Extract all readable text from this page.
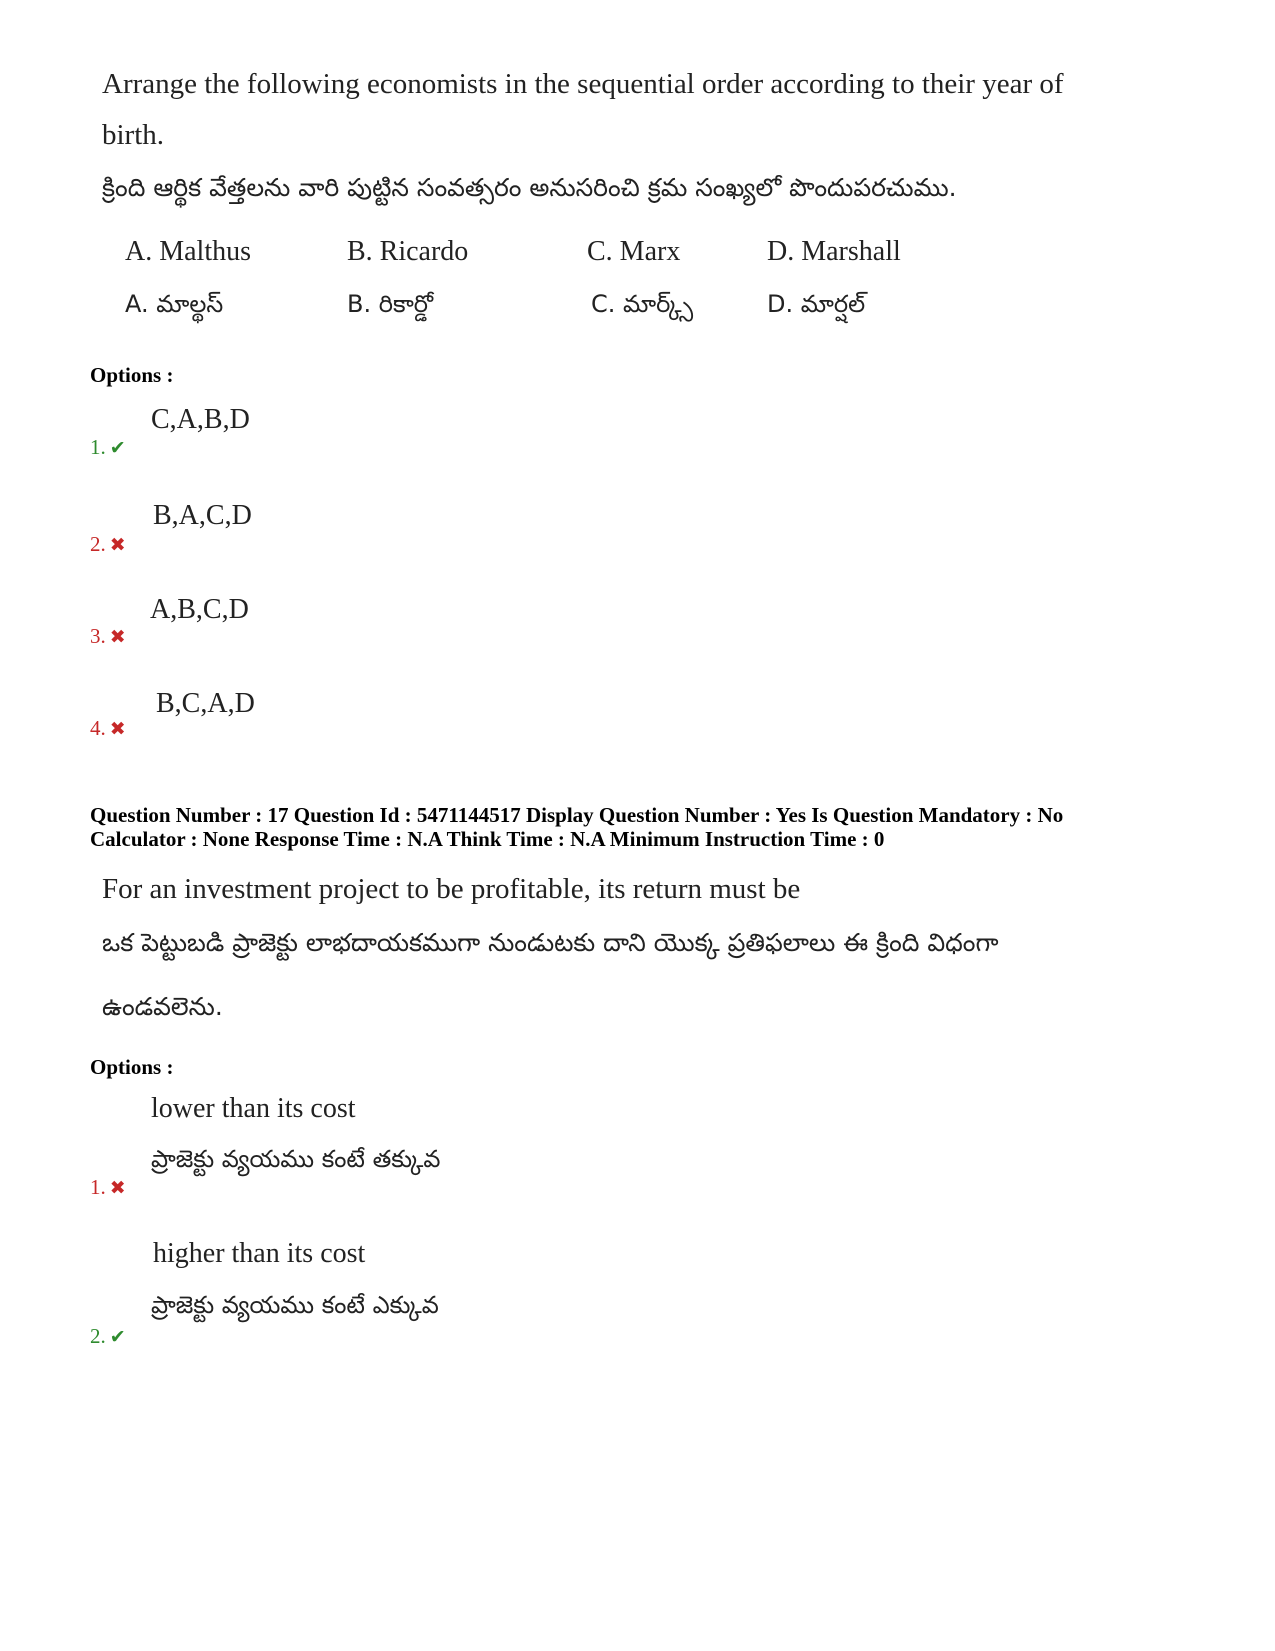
Arrange the following economists in the sequential order according to their year of
birth.
క్రింది ఆర్థిక వేత్తలను వారి పుట్టిన సంవత్సరం అనుసరించి క్రమ సంఖ్యలో పొందుపరచుము.
A. Malthus	B. Ricardo	C. Marx	D. Marshall
A. మాల్థస్	B. రికార్డో	C. మార్క్స్	D. మార్షల్
Options :
C,A,B,D
1. ✔
B,A,C,D
2. ✖
A,B,C,D
3. ✖
B,C,A,D
4. ✖
Question Number : 17 Question Id : 5471144517 Display Question Number : Yes Is Question Mandatory : No
Calculator : None Response Time : N.A Think Time : N.A Minimum Instruction Time : 0
For an investment project to be profitable, its return must be
ఒక పెట్టుబడి ప్రాజెక్టు లాభదాయకముగా నుండుటకు దాని యొక్క ప్రతిఫలాలు ఈ క్రింది విధంగా
ఉండవలెను.
Options :
lower than its cost
ప్రాజెక్టు వ్యయము కంటే తక్కువ
1. ✖
higher than its cost
ప్రాజెక్టు వ్యయము కంటే ఎక్కువ
2. ✔
